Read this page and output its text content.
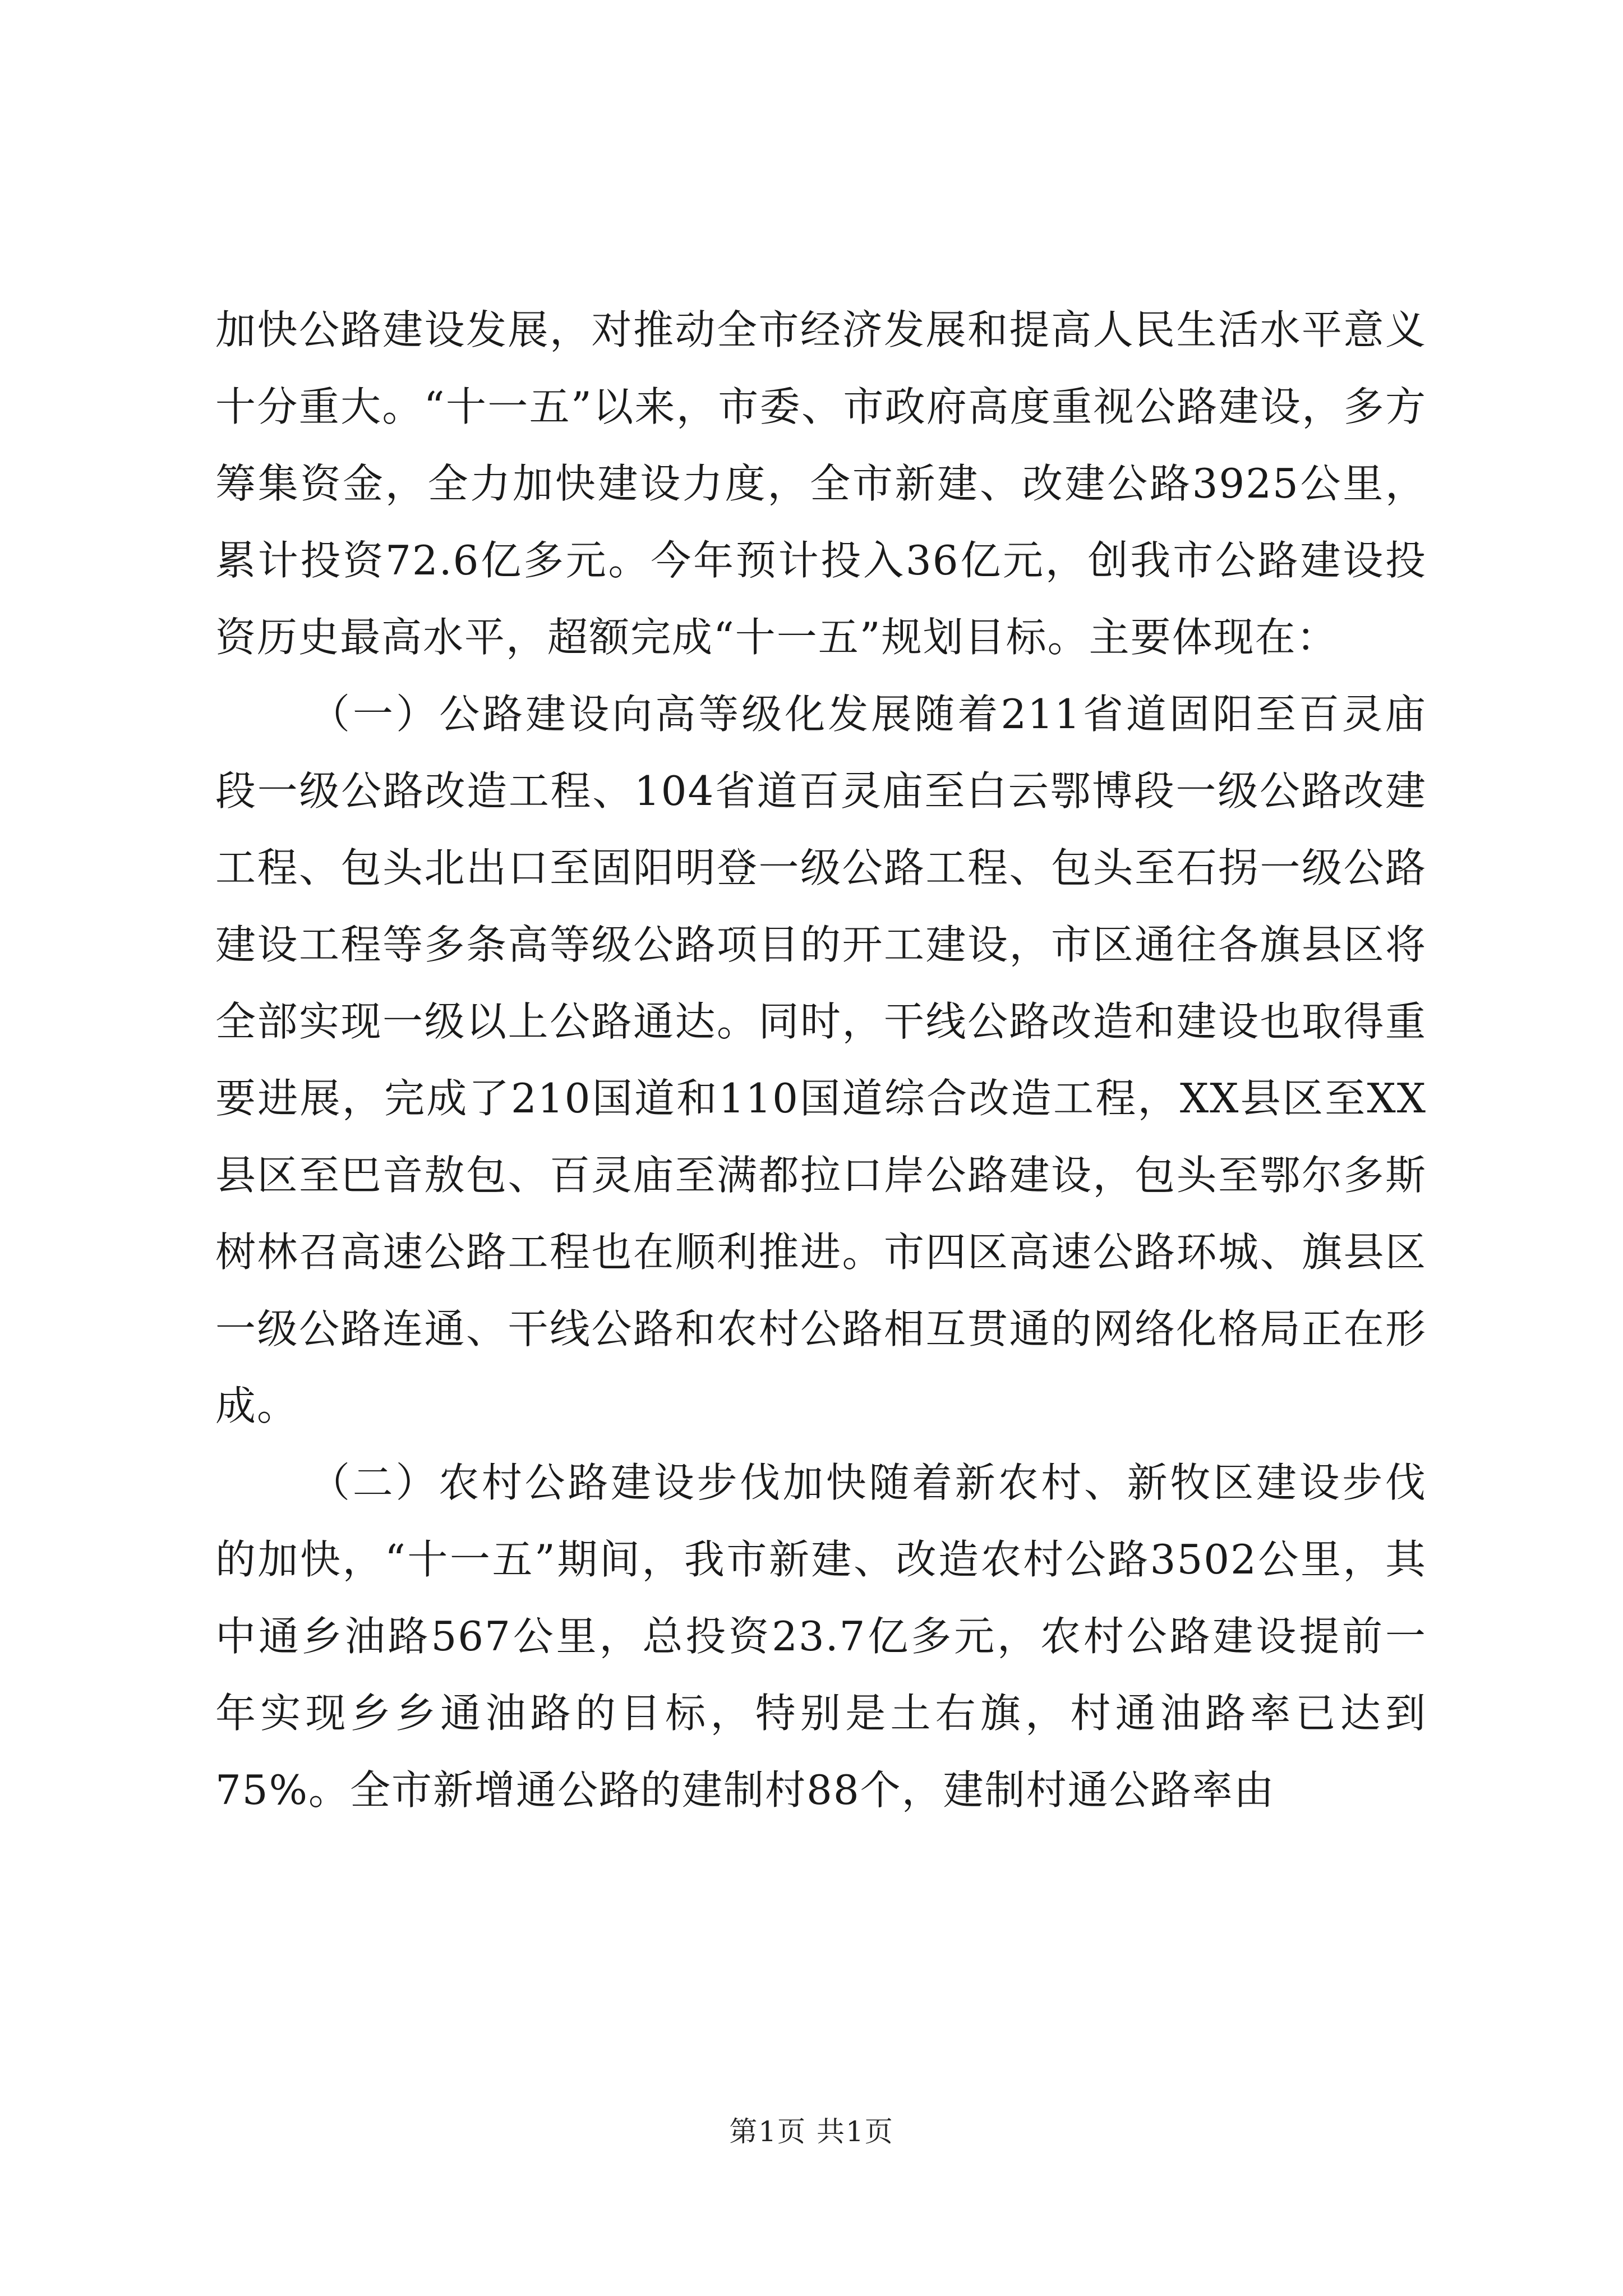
加快公路建设发展，对推动全市经济发展和提高人民生活水平意义十分重大。“十一五”以来，市委、市政府高度重视公路建设，多方筹集资金，全力加快建设力度，全市新建、改建公路3925公里，累计投资72.6亿多元。今年预计投入36亿元，创我市公路建设投资历史最高水平，超额完成“十一五”规划目标。主要体现在：

（一）公路建设向高等级化发展随着211省道固阳至百灵庙段一级公路改造工程、104省道百灵庙至白云鄂博段一级公路改建工程、包头北出口至固阳明登一级公路工程、包头至石拐一级公路建设工程等多条高等级公路项目的开工建设，市区通往各旗县区将全部实现一级以上公路通达。同时，干线公路改造和建设也取得重要进展，完成了210国道和110国道综合改造工程，XX县区至XX县区至巴音敖包、百灵庙至满都拉口岸公路建设，包头至鄂尔多斯树林召高速公路工程也在顺利推进。市四区高速公路环城、旗县区一级公路连通、干线公路和农村公路相互贯通的网络化格局正在形成。

（二）农村公路建设步伐加快随着新农村、新牧区建设步伐的加快，“十一五”期间，我市新建、改造农村公路3502公里，其中通乡油路567公里，总投资23.7亿多元，农村公路建设提前一年实现乡乡通油路的目标，特别是土右旗，村通油路率已达到75%。全市新增通公路的建制村88个，建制村通公路率由

第1页 共1页
